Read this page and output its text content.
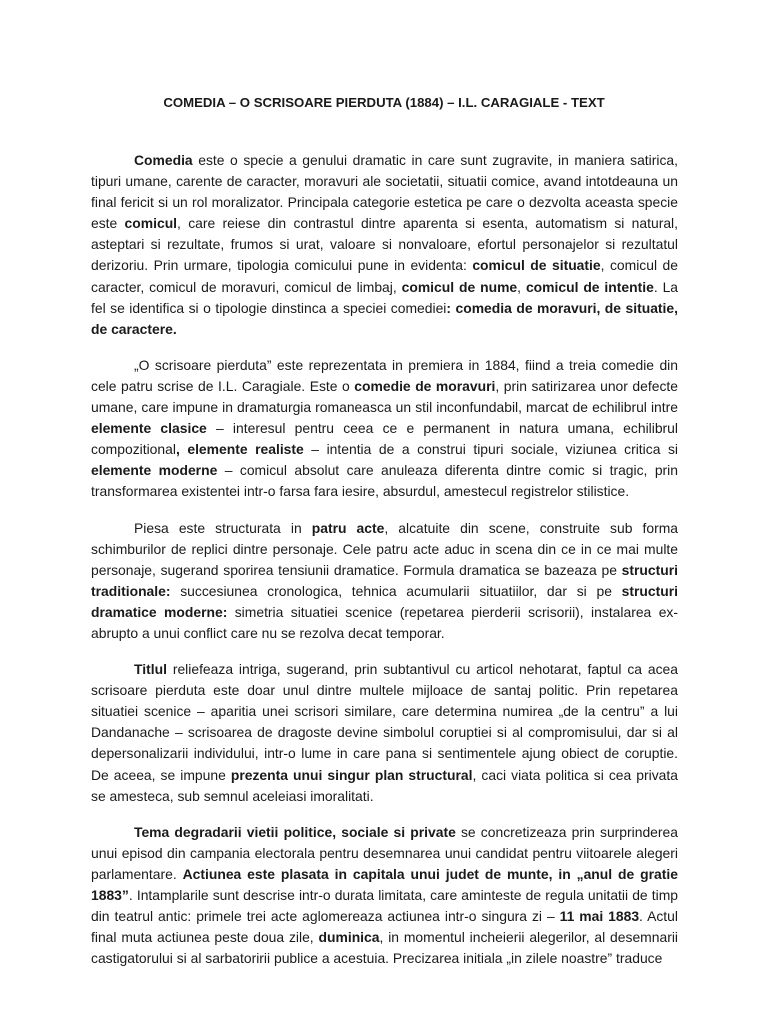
COMEDIA – O SCRISOARE PIERDUTA (1884) – I.L. CARAGIALE - TEXT

Comedia este o specie a genului dramatic in care sunt zugravite, in maniera satirica, tipuri umane, carente de caracter, moravuri ale societatii, situatii comice, avand intotdeauna un final fericit si un rol moralizator. Principala categorie estetica pe care o dezvolta aceasta specie este comicul, care reiese din contrastul dintre aparenta si esenta, automatism si natural, asteptari si rezultate, frumos si urat, valoare si nonvaloare, efortul personajelor si rezultatul derizoriu. Prin urmare, tipologia comicului pune in evidenta: comicul de situatie, comicul de caracter, comicul de moravuri, comicul de limbaj, comicul de nume, comicul de intentie. La fel se identifica si o tipologie dinstinca a speciei comediei: comedia de moravuri, de situatie, de caractere.

„O scrisoare pierduta” este reprezentata in premiera in 1884, fiind a treia comedie din cele patru scrise de I.L. Caragiale. Este o comedie de moravuri, prin satirizarea unor defecte umane, care impune in dramaturgia romaneasca un stil inconfundabil, marcat de echilibrul intre elemente clasice – interesul pentru ceea ce e permanent in natura umana, echilibrul compozitional, elemente realiste – intentia de a construi tipuri sociale, viziunea critica si elemente moderne – comicul absolut care anuleaza diferenta dintre comic si tragic, prin transformarea existentei intr-o farsa fara iesire, absurdul, amestecul registrelor stilistice.

Piesa este structurata in patru acte, alcatuite din scene, construite sub forma schimburilor de replici dintre personaje. Cele patru acte aduc in scena din ce in ce mai multe personaje, sugerand sporirea tensiunii dramatice. Formula dramatica se bazeaza pe structuri traditionale: succesiunea cronologica, tehnica acumularii situatiilor, dar si pe structuri dramatice moderne: simetria situatiei scenice (repetarea pierderii scrisorii), instalarea ex-abrupto a unui conflict care nu se rezolva decat temporar.

Titlul reliefeaza intriga, sugerand, prin subtantivul cu articol nehotarat, faptul ca acea scrisoare pierduta este doar unul dintre multele mijloace de santaj politic. Prin repetarea situatiei scenice – aparitia unei scrisori similare, care determina numirea „de la centru” a lui Dandanache – scrisoarea de dragoste devine simbolul coruptiei si al compromisului, dar si al depersonalizarii individului, intr-o lume in care pana si sentimentele ajung obiect de coruptie. De aceea, se impune prezenta unui singur plan structural, caci viata politica si cea privata se amesteca, sub semnul aceleiasi imoralitati.

Tema degradarii vietii politice, sociale si private se concretizeaza prin surprinderea unui episod din campania electorala pentru desemnarea unui candidat pentru viitoarele alegeri parlamentare. Actiunea este plasata in capitala unui judet de munte, in „anul de gratie 1883”. Intamplarile sunt descrise intr-o durata limitata, care aminteste de regula unitatii de timp din teatrul antic: primele trei acte aglomereaza actiunea intr-o singura zi – 11 mai 1883. Actul final muta actiunea peste doua zile, duminica, in momentul incheierii alegerilor, al desemnarii castigatorului si al sarbatoririi publice a acestuia. Precizarea initiala „in zilele noastre” traduce
